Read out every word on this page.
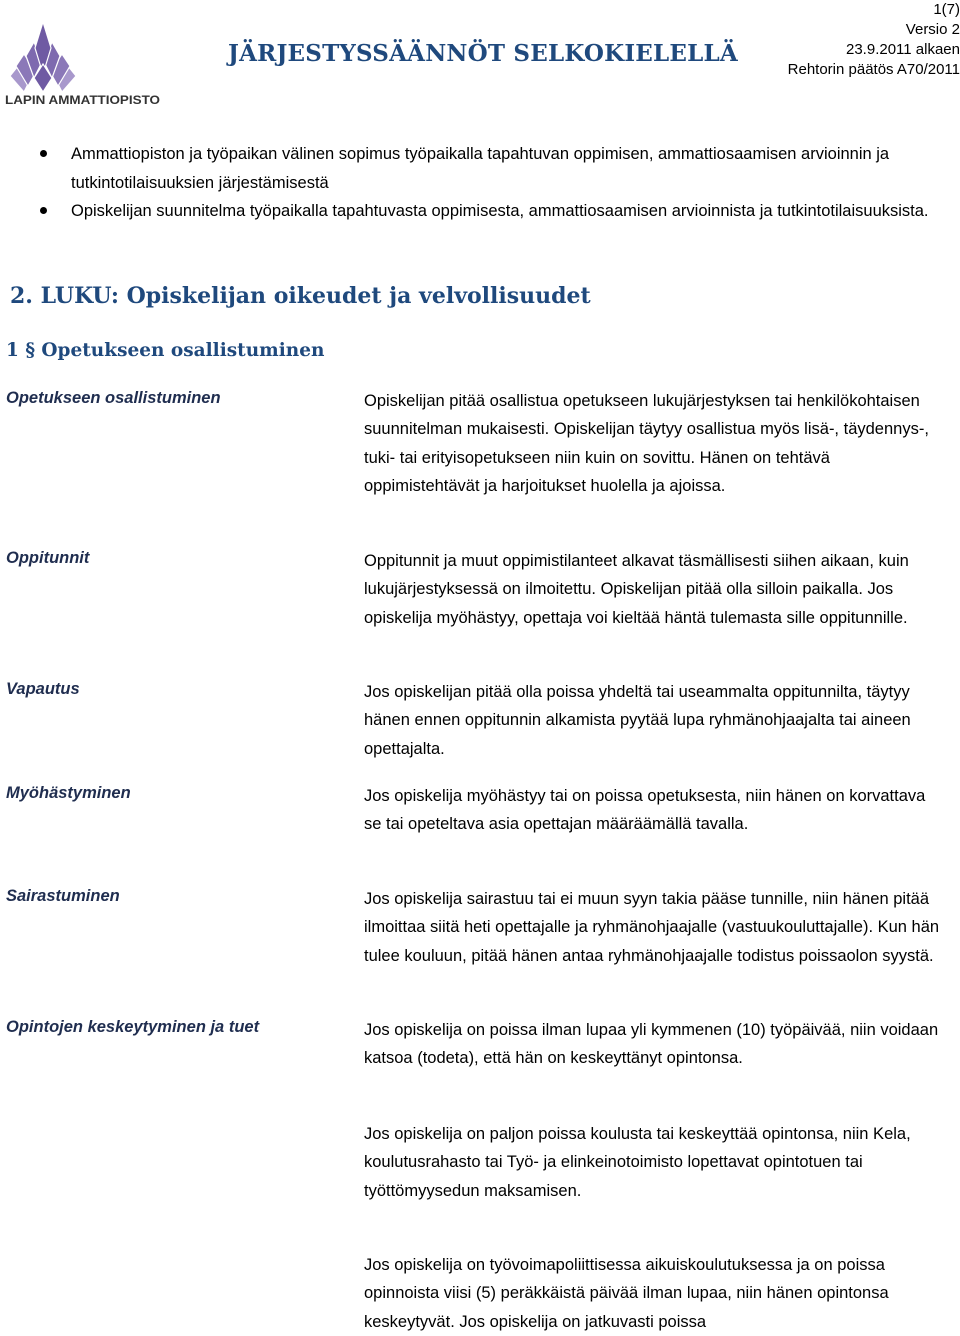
LAPIN AMMATTIOPISTO
JÄRJESTYSSÄÄNNÖT SELKOKIELELLÄ
1(7)
Versio 2
23.9.2011 alkaen
Rehtorin päätös A70/2011
Ammattiopiston ja työpaikan välinen sopimus työpaikalla tapahtuvan oppimisen, ammattiosaamisen arvioinnin ja tutkintotilaisuuksien järjestämisestä
Opiskelijan suunnitelma työpaikalla tapahtuvasta oppimisesta, ammattiosaamisen arvioinnista ja tutkintotilaisuuksista.
2. LUKU: Opiskelijan oikeudet ja velvollisuudet
1 § Opetukseen osallistuminen
Opetukseen osallistuminen	Opiskelijan pitää osallistua opetukseen lukujärjestyksen tai henkilökohtaisen suunnitelman mukaisesti. Opiskelijan täytyy osallistua myös lisä-, täydennys-, tuki- tai erityisopetukseen niin kuin on sovittu. Hänen on tehtävä oppimistehtävät ja harjoitukset huolella ja ajoissa.
Oppitunnit	Oppitunnit ja muut oppimistilanteet alkavat täsmällisesti siihen aikaan, kuin lukujärjestyksessä on ilmoitettu. Opiskelijan pitää olla silloin paikalla. Jos opiskelija myöhästyy, opettaja voi kieltää häntä tulemasta sille oppitunnille.
Vapautus	Jos opiskelijan pitää olla poissa yhdeltä tai useammalta oppitunnilta, täytyy hänen ennen oppitunnin alkamista pyytää lupa ryhmänohjaajalta tai aineen opettajalta.
Myöhästyminen	Jos opiskelija myöhästyy tai on poissa opetuksesta, niin hänen on korvattava se tai opeteltava asia opettajan määräämällä tavalla.
Sairastuminen	Jos opiskelija sairastuu tai ei muun syyn takia pääse tunnille, niin hänen pitää ilmoittaa siitä heti opettajalle ja ryhmänohjaajalle (vastuukouluttajalle). Kun hän tulee kouluun, pitää hänen antaa ryhmänohjaajalle todistus poissaolon syystä.
Opintojen keskeytyminen ja tuet	Jos opiskelija on poissa ilman lupaa yli kymmenen (10) työpäivää, niin voidaan katsoa (todeta), että hän on keskeyttänyt opintonsa.
Jos opiskelija on paljon poissa koulusta tai keskeyttää opintonsa, niin Kela, koulutusrahasto tai Työ- ja elinkeinotoimisto lopettavat opintotuen tai työttömyysedun maksamisen.
Jos opiskelija on työvoimapoliittisessa aikuiskoulutuksessa ja on poissa opinnoista viisi (5) peräkkäistä päivää ilman lupaa, niin hänen opintonsa keskeytyvät. Jos opiskelija on jatkuvasti poissa
